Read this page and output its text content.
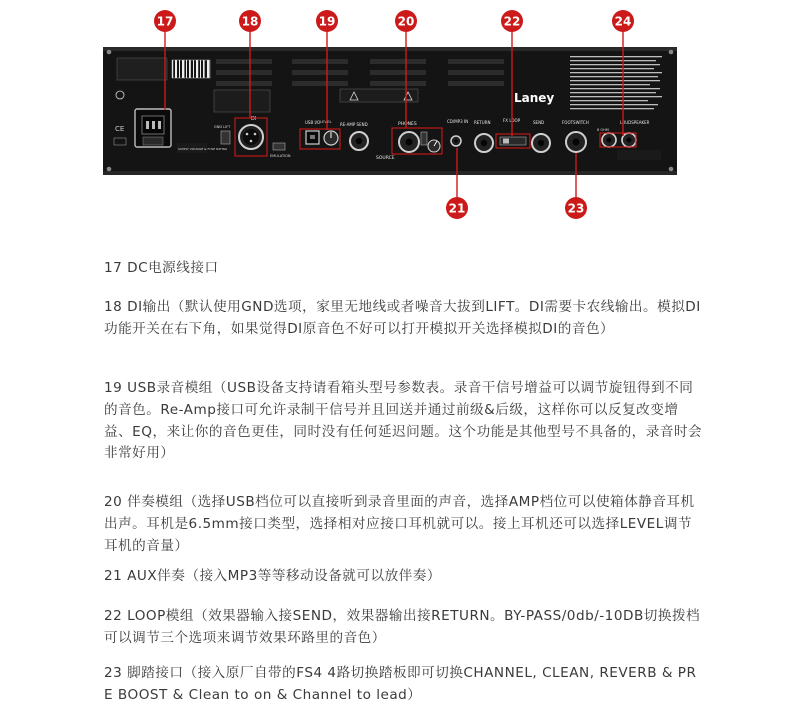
Laney
CE
SUPPLY VOLTAGE & FUSE RATING
DI
GND LIFT
EMULATION
USB I/O LEVEL
RE-AMP SEND	PHONES
SOURCE
CD/MP3 IN RETURN	FX LOOP	SEND	FOOTSWITCH	LOUDSPEAKER
8 OHM
17	18	19	20
21
22
23
24

17 DC电源线接口

18 DI输出（默认使用GND选项，家里无地线或者噪音大拔到LIFT。DI需要卡农线输出。模拟DI功能开关在右下角，如果觉得DI原音色不好可以打开模拟开关选择模拟DI的音色）

19 USB录音模组（USB设备支持请看箱头型号参数表。录音干信号增益可以调节旋钮得到不同的音色。Re-Amp接口可允许录制干信号并且回送并通过前级&后级，这样你可以反复改变增益、EQ，来让你的音色更佳，同时没有任何延迟问题。这个功能是其他型号不具备的，录音时会非常好用）

20 伴奏模组（选择USB档位可以直接听到录音里面的声音，选择AMP档位可以使箱体静音耳机出声。耳机是6.5mm接口类型，选择相对应接口耳机就可以。接上耳机还可以选择LEVEL调节耳机的音量）

21 AUX伴奏（接入MP3等等移动设备就可以放伴奏）

22 LOOP模组（效果器输入接SEND，效果器输出接RETURN。BY-PASS/0db/-10DB切换拨档可以调节三个选项来调节效果环路里的音色）

23 脚踏接口（接入原厂自带的FS4 4路切换踏板即可切换CHANNEL, CLEAN, REVERB & PRE BOOST & Clean to on & Channel to lead）
